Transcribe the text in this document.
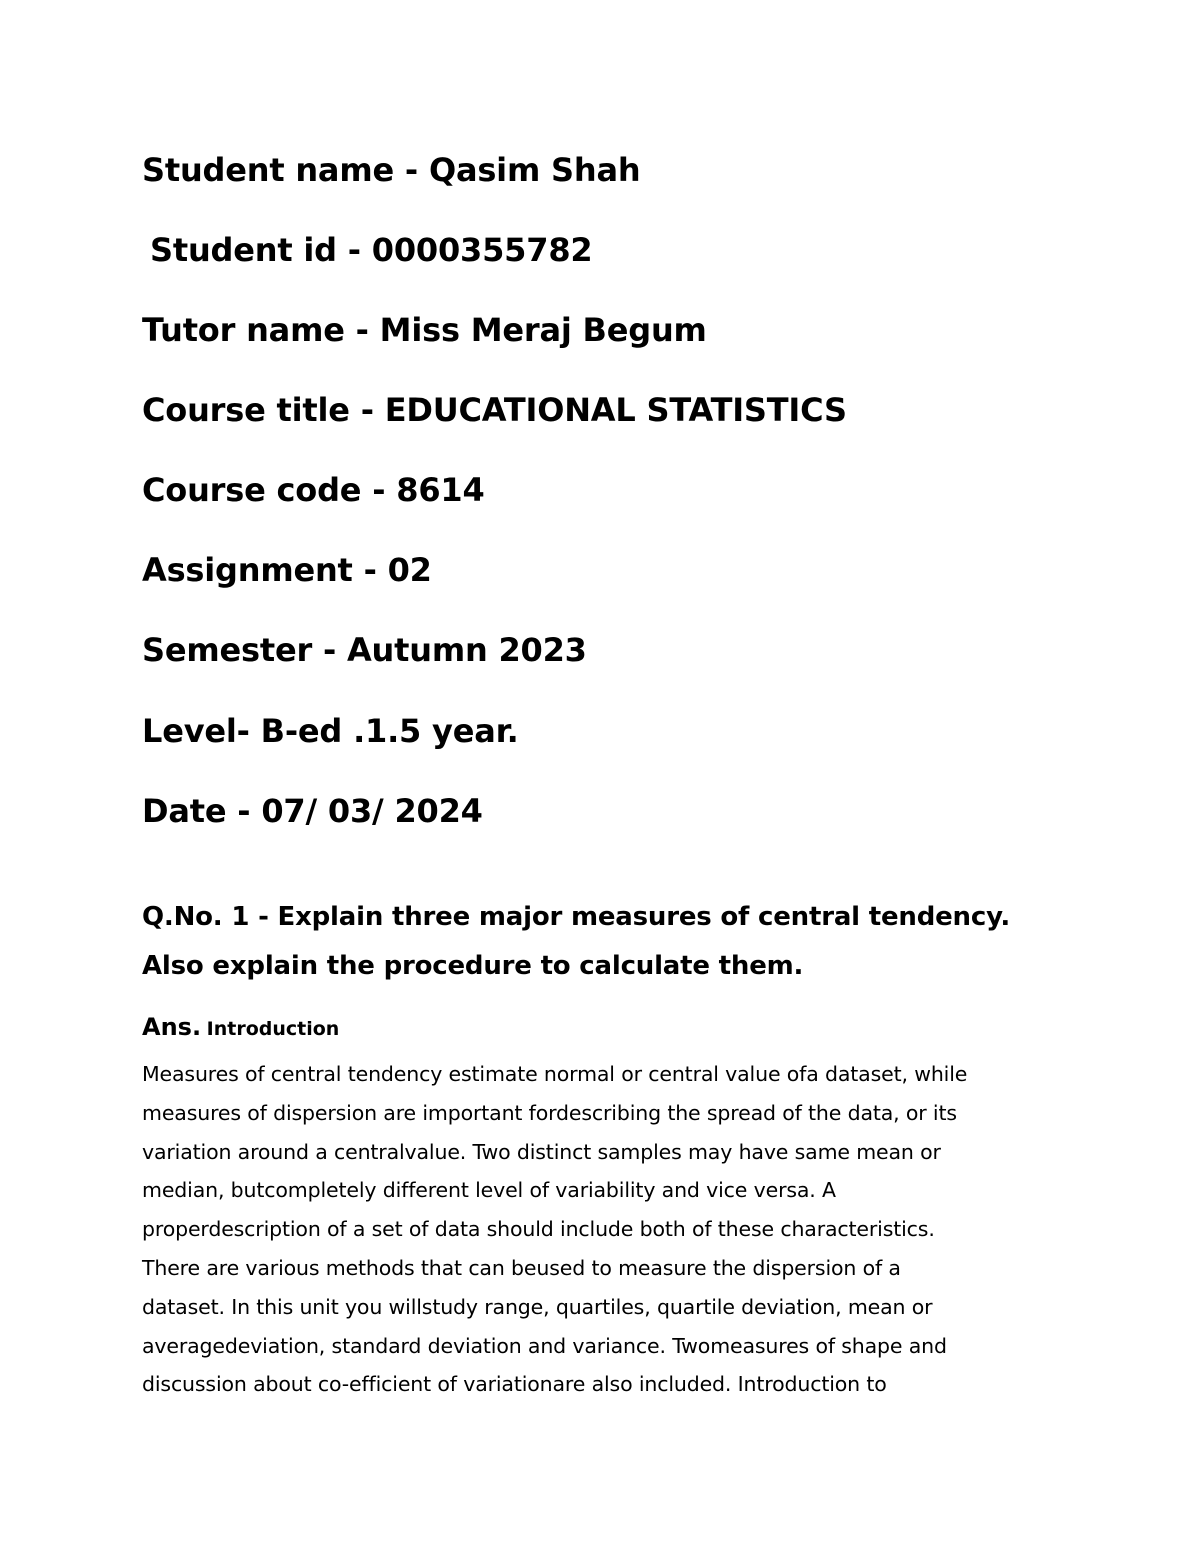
Student name - Qasim Shah

Student id - 0000355782

Tutor name - Miss Meraj Begum

Course title - EDUCATIONAL STATISTICS

Course code - 8614

Assignment - 02

Semester - Autumn 2023

Level- B-ed .1.5 year.

Date - 07/ 03/ 2024

Q.No. 1 - Explain three major measures of central tendency.
Also explain the procedure to calculate them.

Ans. Introduction

Measures of central tendency estimate normal or central value ofa dataset, while
measures of dispersion are important fordescribing the spread of the data, or its
variation around a centralvalue. Two distinct samples may have same mean or
median, butcompletely different level of variability and vice versa. A
properdescription of a set of data should include both of these characteristics.
There are various methods that can beused to measure the dispersion of a
dataset. In this unit you willstudy range, quartiles, quartile deviation, mean or
averagedeviation, standard deviation and variance. Twomeasures of shape and
discussion about co-efficient of variationare also included. Introduction to
